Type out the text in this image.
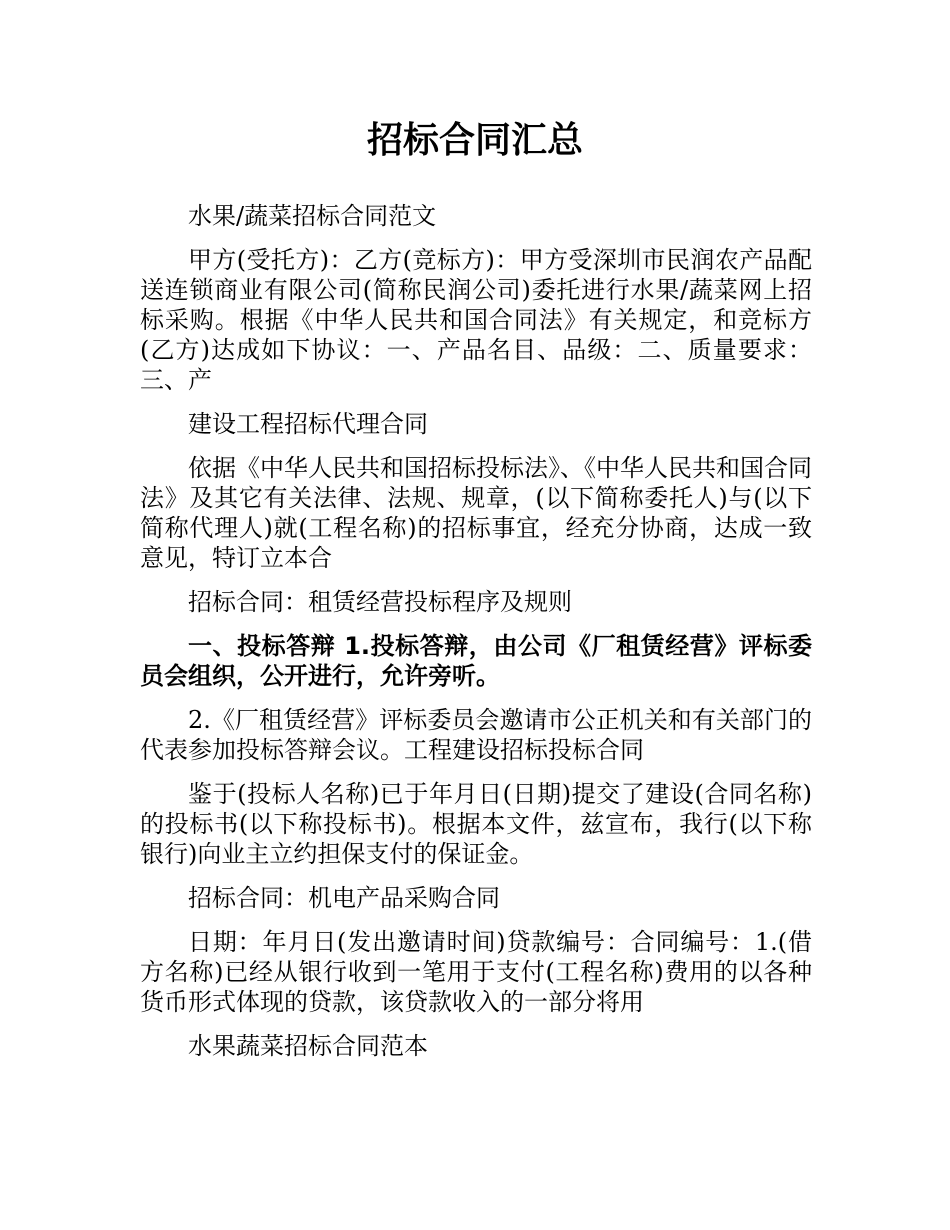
招标合同汇总

水果/蔬菜招标合同范文

甲方(受托方)：乙方(竞标方)：甲方受深圳市民润农产品配送连锁商业有限公司(简称民润公司)委托进行水果/蔬菜网上招标采购。根据《中华人民共和国合同法》有关规定，和竞标方(乙方)达成如下协议：一、产品名目、品级：二、质量要求：三、产

建设工程招标代理合同

依据《中华人民共和国招标投标法》、《中华人民共和国合同法》及其它有关法律、法规、规章，(以下简称委托人)与(以下简称代理人)就(工程名称)的招标事宜，经充分协商，达成一致意见，特订立本合

招标合同：租赁经营投标程序及规则

一、投标答辩 1.投标答辩，由公司《厂租赁经营》评标委员会组织，公开进行，允许旁听。

2.《厂租赁经营》评标委员会邀请市公正机关和有关部门的代表参加投标答辩会议。工程建设招标投标合同

鉴于(投标人名称)已于年月日(日期)提交了建设(合同名称)的投标书(以下称投标书)。根据本文件，兹宣布，我行(以下称银行)向业主立约担保支付的保证金。

招标合同：机电产品采购合同

日期：年月日(发出邀请时间)贷款编号：合同编号：1.(借方名称)已经从银行收到一笔用于支付(工程名称)费用的以各种货币形式体现的贷款，该贷款收入的一部分将用

水果蔬菜招标合同范本
